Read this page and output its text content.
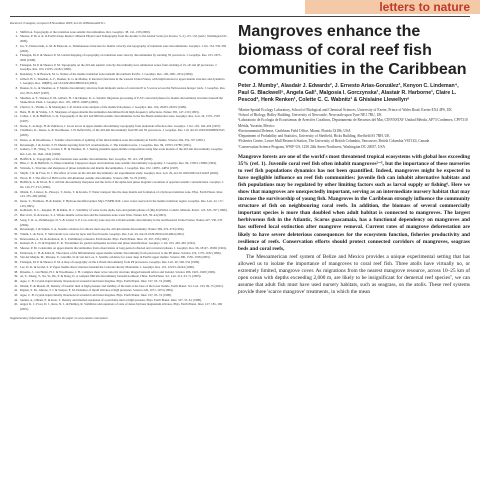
letters to nature
Received 13 August; accepted 18 November 2003; doi:10.1038/nature02311.
1. Shiffrin A. Topography of the transition zone seismic discontinuities. Rev. Geophys. 38, 141–158 (2000).
2. Shearer, P. M. et al. in Earth's Deep Interior: Mineral Physics and Tomography from the Atomic to the Global Scale (ed. Karato, S.-I.) 115–132 (AGU, Washington DC, 2000).
3. Gu, Y., Dziewonski, A. M. & Ekstrom, G. Simultaneous inversion for mantle velocity and topography of transition zone discontinuities. Geophys. J. Int. 154, 559–583 (2003).
4. Flanagan, M. P. & Shearer, P. M. Global mapping of topography on transition zone velocity discontinuities by stacking SS precursors. J. Geophys. Res. 103, 2673–2692 (1998).
5. Flanagan, M. P. & Shearer, P. M. Topography on the 410-km seismic velocity discontinuity near subduction zones from stacking of sS, sP, and pP precursors. J. Geophys. Res. 103, 21165–21182 (1998).
6. Rondenay, S. & Bostock, M. G. Nature of the mantle transition zone beneath the northern Pacific. J. Geophys. Res. 109, 2001–2014 (2004).
7. Gilbert, H. J., Sheehan, A. F., Dueker, K. G. & Molnar, P. Receiver functions in the western United States, with implications for upper mantle structure and dynamics. J. Geophys. Res. 108(B5), doi:10.1029/2001JB001194 (2003).
8. Dueker, K. G. & Sheehan, A. F. Mantle discontinuity structure from midpoint stacks of converted P to S waves across the Yellowstone hotspot track. J. Geophys. Res. 102, 8313–8327 (1997).
9. Sheehan, A. F., Shearer, P. M., Gilbert, H. J. & Dueker, K. G. Seismic migration processing of P-SV converted phases for mantle discontinuity structure beneath the Snake River Plain. J. Geophys. Res. 105, 19055–19065 (2000).
10. Chevrot, S., Vinnik, L. & Montagner, J.-P. Global-scale analysis of the mantle Pds phases. J. Geophys. Res. 104, 20203–20219 (1999).
11. Benz, H. M. & Vidale, J. E. Sharpness of upper-mantle discontinuities determined from high-frequency reflections. Nature 365, 147–150 (1993).
12. Collier, J. D. & Helffrich, G. R. Topography of the 410 and 660 km seismic discontinuities in the Izu-Bonin subduction zone. Geophys. Res. Lett. 24, 1535–1538 (1997).
13. Neele, F., de Regt, H. & VanDecar, J. Gross errors in upper-mantle discontinuity topography from underside reflection data. Geophys. J. Int. 129, 194–204 (1997).
14. Chambers, K., Deuss, A. & Woodhouse, J. H. Reflectivity of the 410-km discontinuity from PP and SS precursors. J. Geophys. Res. 110, doi:10.1029/2004JB003345 (2005).
15. Deuss, A. & Woodhouse, J. Seismic observations of splitting of the mid-transition zone discontinuity in Earth's mantle. Science 294, 354–357 (2001).
16. Revenaugh, J. & Jordan, T. H. Mantle layering from ScS reverberations. 2. The transition zone. J. Geophys. Res. 96, 19763–19780 (1991).
17. Gaherty, J. B., Wang, Y., Jordan, T. H. & Weidner, D. J. Testing plausible upper-mantle compositions using fine-scale models of the 410-km discontinuity. Geophys. Res. Lett. 26, 1641–1644 (1999).
18. Helffrich, G. Topography of the transition zone seismic discontinuities. Rev. Geophys. 38, 141–158 (2000).
19. Bina, C. R. & Helffrich, G. Phase transition Clapeyron slopes and transition zone seismic discontinuity topography. J. Geophys. Res. 99, 15853–15860 (1994).
20. Stixrude, L. Structure and sharpness of phase transitions and mantle discontinuities. J. Geophys. Res. 102, 14835–14852 (1997).
21. Smyth, J. R. & Frost, D. J. The effect of water on the 410-km discontinuity: An experimental study. Geophys. Res. Lett. 29, doi:10.1029/2001GL014418 (2002).
22. Wood, B. J. The effect of H2O on the 410-kilometer seismic discontinuity. Science 268, 74–76 (1995).
23. Helffrich, G. & Wood, B. J. 410 km discontinuity sharpness and the form of the alpha-beta phase diagram: resolution of apparent seismic contradictions. Geophys. J. Int. 126, F7–F12 (1996).
24. Ohtani, E., Litasov, K., Hosoya, T., Kubo, T. & Kondo, T. Water transport into the deep mantle and formation of a hydrous transition zone. Phys. Earth Planet. Inter. 143, 255–269 (2004).
25. Inoue, T., Yurimoto, H. & Kudoh, Y. Hydrous modified spinel, Mg1.75SiH0.5O4: a new water reservoir in the mantle transition region. Geophys. Res. Lett. 22, 117–120 (1995).
26. Kohlstedt, D. L., Keppler, H. & Rubie, D. C. Solubility of water in the alpha, beta and gamma phases of (Mg,Fe)2SiO4. Contrib. Mineral. Petrol. 123, 345–357 (1996).
27. Bercovici, D. & Karato, S.-I. Whole-mantle convection and the transition-zone water filter. Nature 425, 39–44 (2003).
28. Song, T.-R. A., Helmberger, D. V. & Grand, S. P. Low-velocity zone atop the 410-km seismic discontinuity in the northwestern United States. Nature 427, 530–533 (2004).
29. Revenaugh, J. & Sipkin, S. A. Seismic evidence for silicate melt atop the 410-km mantle discontinuity. Nature 369, 474–476 (1994).
30. Vinnik, L. & Farra, V. Subcratonic low-velocity layer and flood basalts. Geophys. Res. Lett. 29, doi:10.1029/2001GL014064 (2002).
31. Dziewonski, A. M. & Anderson, D. L. Preliminary reference Earth model. Phys. Earth Planet. Inter. 25, 297–356 (1981).
32. Kennett, B. L. N. & Engdahl, E. R. Traveltimes for global earthquake location and phase identification. Geophys. J. Int. 105, 429–465 (1991).
33. Shearer, P. M. Constraints on upper mantle discontinuities from observations of long-period reflected and converted phases. J. Geophys. Res. 96, 18147–18182 (1991).
34. Estabrook, C. H. & Kind, R. The nature of the 660-kilometer upper-mantle seismic discontinuity from precursors to the PP phase. Science 274, 1179–1182 (1996).
35. Van der Meijde, M., Marone, F., Giardini, D. & van der Lee, S. Seismic evidence for water deep in Earth's upper mantle. Science 300, 1556–1558 (2003).
36. Flanagan, M. P. & Shearer, P. M. A map of topography on the 410-km discontinuity from PP precursors. Geophys. Res. Lett. 26, 549–552 (1999).
37. Lee, D.-K. & Grand, S. P. Upper mantle shear structure beneath the Colorado Rocky Mountains. J. Geophys. Res. 101, 22233–22244 (1996).
38. Ritsema, J., van Heijst, H. J. & Woodhouse, J. H. Complex shear wave velocity structure imaged beneath Africa and Iceland. Science 286, 1925–1928 (1999).
39. Ai, Y., Zheng, T., Xu, W., He, Y. & Dong, D. A complex 660 km discontinuity beneath northeast China. Earth Planet. Sci. Lett. 212, 63–71 (2003).
40. Agee, C. B. Crystal-liquid density inversions in terrestrial and lunar magmas. Phys. Earth Planet. Inter. 107, 63–74 (1998).
41. Ohtani, E. & Maeda, M. Density of basaltic melt at high pressure and stability of the melt at the base of the lower mantle. Earth Planet. Sci. Lett. 193, 69–75 (2001).
42. Rigden, S. M., Ahrens, T. J. & Stolper, E. M. Densities of liquid silicates at high pressures. Science 226, 1071–1074 (1984).
43. Agee, C. B. Crystal-liquid density inversions in terrestrial and lunar magmas. Phys. Earth Planet. Inter. 107, 63–74 (1998).
44. Suzuki, A., Ohtani, E. & Kato, T. Density and thermal expansion of a peridotite melt at high pressure. Phys. Earth Planet. Inter. 107, 53–61 (1998).
45. Angel, R. J., Frost, D. J., Ross, N. L. & Hemley, R. Stabilities and equations of state of dense hydrous magnesium silicates. Phys. Earth Planet. Inter. 127, 181–196 (2001).
Supplementary Information accompanies the paper on www.nature.com/nature.
Mangroves enhance the biomass of coral reef fish communities in the Caribbean
Peter J. Mumby¹, Alasdair J. Edwards², J. Ernesto Arias-González³, Kenyon C. Lindeman⁴, Paul G. Blackwell⁵, Angela Gall¹, Malgosia I. Gorczynska¹, Alastair R. Harborne¹, Claire L. Pescod², Henk Renken¹, Colette C. C. Wabnitz¹ & Ghislaine Llewellyn⁶
¹Marine Spatial Ecology Laboratory, School of Biological and Chemical Sciences, University of Exeter, Prince of Wales Road, Exeter EX4 4PS, UK
²School of Biology, Ridley Building, University of Newcastle, Newcastle upon Tyne NE1 7RU, UK
³Laboratorio de Ecología de Ecosistemas de Arrecifes Coralinos, Departamento de Recursos del Mar, CINVESTAV Unidad Mérida, AP73 Cordemex, CP97310 Mérida, Yucatán, Mexico
⁴Environmental Defense, Caribbean Field Office, Miami, Florida 33186, USA
⁵Department of Probability and Statistics, University of Sheffield, Hicks Building, Sheffield S3 7RH, UK
⁶Fisheries Centre, Lower Mall Research Station, The University of British Columbia, Vancouver, British Columbia V6T1Z4, Canada
⁷Conservation Science Program, WWF-US, 1250 24th Street Northwest, Washington DC 20037, USA

Mangrove forests are one of the world's most threatened tropical ecosystems with global loss exceeding 35% (ref. 1). Juvenile coral reef fish often inhabit mangroves²⁻⁵, but the importance of these nurseries to reef fish populations dynamics has not been quantified. Indeed, mangroves might be expected to have negligible influence on reef fish communities: juvenile fish can inhabit alternative habitats and fish populations may be regulated by other limiting factors such as larval supply or fishing⁶. Here we show that mangroves are unexpectedly important, serving as an intermediate nursery habitat that may increase the survivorship of young fish. Mangroves in the Caribbean strongly influence the community structure of fish on neighbouring coral reefs. In addition, the biomass of several commercially important species is more than doubled when adult habitat is connected to mangroves. The largest herbivorous fish in the Atlantic, Scarus guacamaia, has a functional dependency on mangroves and has suffered local extinction after mangrove removal. Current rates of mangrove deforestation are likely to have severe deleterious consequences for the ecosystem function, fisheries productivity and resilience of reefs. Conservation efforts should protect connected corridors of mangroves, seagrass beds and coral reefs,

The Mesoamerican reef system of Belize and Mexico provides a unique experimental setting that has allowed us to isolate the importance of mangroves to coral reef fish. Three atolls have virtually no, or extremely limited, mangrove cover. As migrations from the nearest mangrove resource, across 10–25 km of open ocean with depths exceeding 2,000 m, are likely to be insignificant for demersal reef species⁷, we can assume that adult fish must have used nursery habitats, such as seagrass, on the atolls. These reef systems provide three 'scarce mangrove' treatments, in which the mean
